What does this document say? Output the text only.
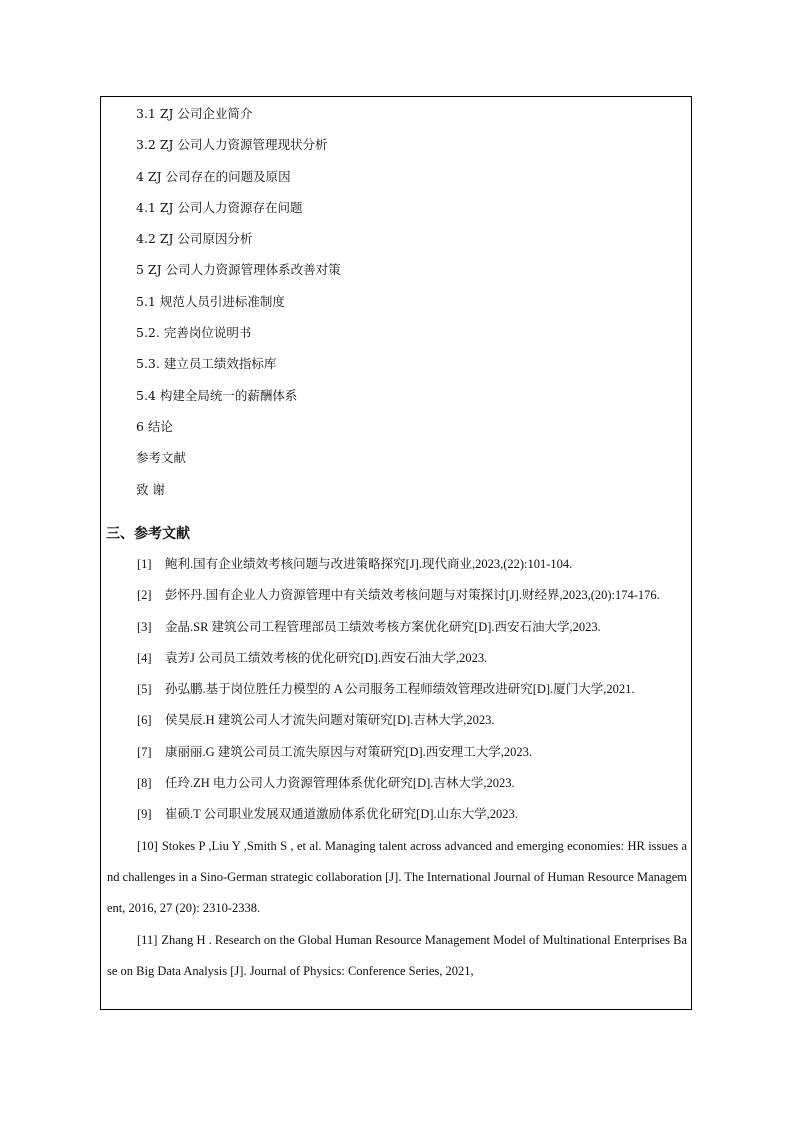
3.1 ZJ 公司企业简介
3.2 ZJ 公司人力资源管理现状分析
4 ZJ 公司存在的问题及原因
4.1 ZJ 公司人力资源存在问题
4.2 ZJ 公司原因分析
5 ZJ 公司人力资源管理体系改善对策
5.1 规范人员引进标准制度
5.2. 完善岗位说明书
5.3. 建立员工绩效指标库
5.4 构建全局统一的薪酬体系
6 结论
参考文献
致 谢
三、参考文献
[1] 鲍利.国有企业绩效考核问题与改进策略探究[J].现代商业,2023,(22):101-104.
[2] 彭怀丹.国有企业人力资源管理中有关绩效考核问题与对策探讨[J].财经界,2023,(20):174-176.
[3] 金晶.SR 建筑公司工程管理部员工绩效考核方案优化研究[D].西安石油大学,2023.
[4] 袁芳J 公司员工绩效考核的优化研究[D].西安石油大学,2023.
[5] 孙弘鹏.基于岗位胜任力模型的 A 公司服务工程师绩效管理改进研究[D].厦门大学,2021.
[6] 侯昊辰.H 建筑公司人才流失问题对策研究[D].吉林大学,2023.
[7] 康丽丽.G 建筑公司员工流失原因与对策研究[D].西安理工大学,2023.
[8] 任玲.ZH 电力公司人力资源管理体系优化研究[D].吉林大学,2023.
[9] 崔硕.T 公司职业发展双通道激励体系优化研究[D].山东大学,2023.
[10] Stokes P ,Liu Y ,Smith S , et al. Managing talent across advanced and emerging economies: HR issues and challenges in a Sino-German strategic collaboration [J]. The International Journal of Human Resource Management, 2016, 27 (20): 2310-2338.
[11] Zhang H . Research on the Global Human Resource Management Model of Multinational Enterprises Base on Big Data Analysis [J]. Journal of Physics: Conference Series, 2021,
